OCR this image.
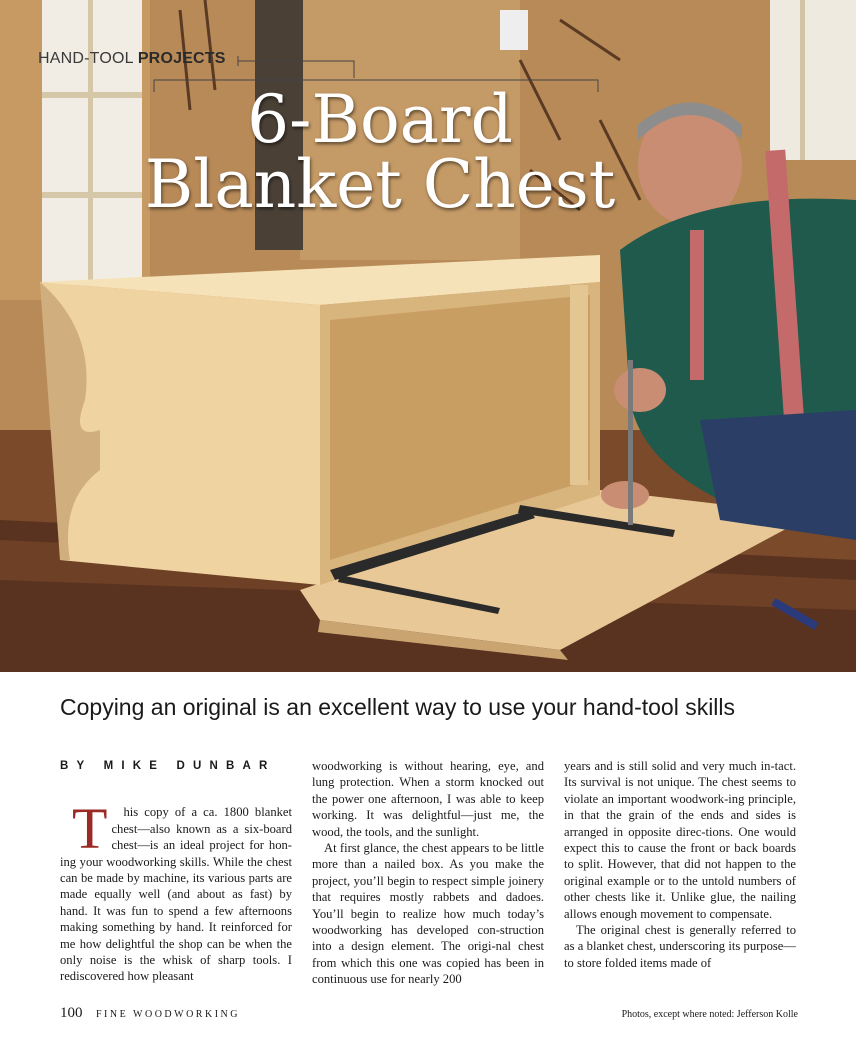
HAND-TOOL PROJECTS
6-Board
Blanket Chest
Copying an original is an excellent way to use your hand-tool skills

BY MIKE DUNBAR

T his copy of a ca. 1800 blanket chest—also known as a six-board chest—is an ideal project for hon-ing your woodworking skills. While the chest can be made by machine, its various parts are made equally well (and about as fast) by hand. It was fun to spend a few afternoons making something by hand. It reinforced for me how delightful the shop can be when the only noise is the whisk of sharp tools. I rediscovered how pleasant

woodworking is without hearing, eye, and lung protection. When a storm knocked out the power one afternoon, I was able to keep working. It was delightful—just me, the wood, the tools, and the sunlight.

At first glance, the chest appears to be little more than a nailed box. As you make the project, you’ll begin to respect simple joinery that requires mostly rabbets and dadoes. You’ll begin to realize how much today’s woodworking has developed con-struction into a design element. The origi-nal chest from which this one was copied has been in continuous use for nearly 200

years and is still solid and very much in-tact. Its survival is not unique. The chest seems to violate an important woodwork-ing principle, in that the grain of the ends and sides is arranged in opposite direc-tions. One would expect this to cause the front or back boards to split. However, that did not happen to the original example or to the untold numbers of other chests like it. Unlike glue, the nailing allows enough movement to compensate.

The original chest is generally referred to as a blanket chest, underscoring its purpose—to store folded items made of

100 FINE WOODWORKING	Photos, except where noted: Jefferson Kolle
